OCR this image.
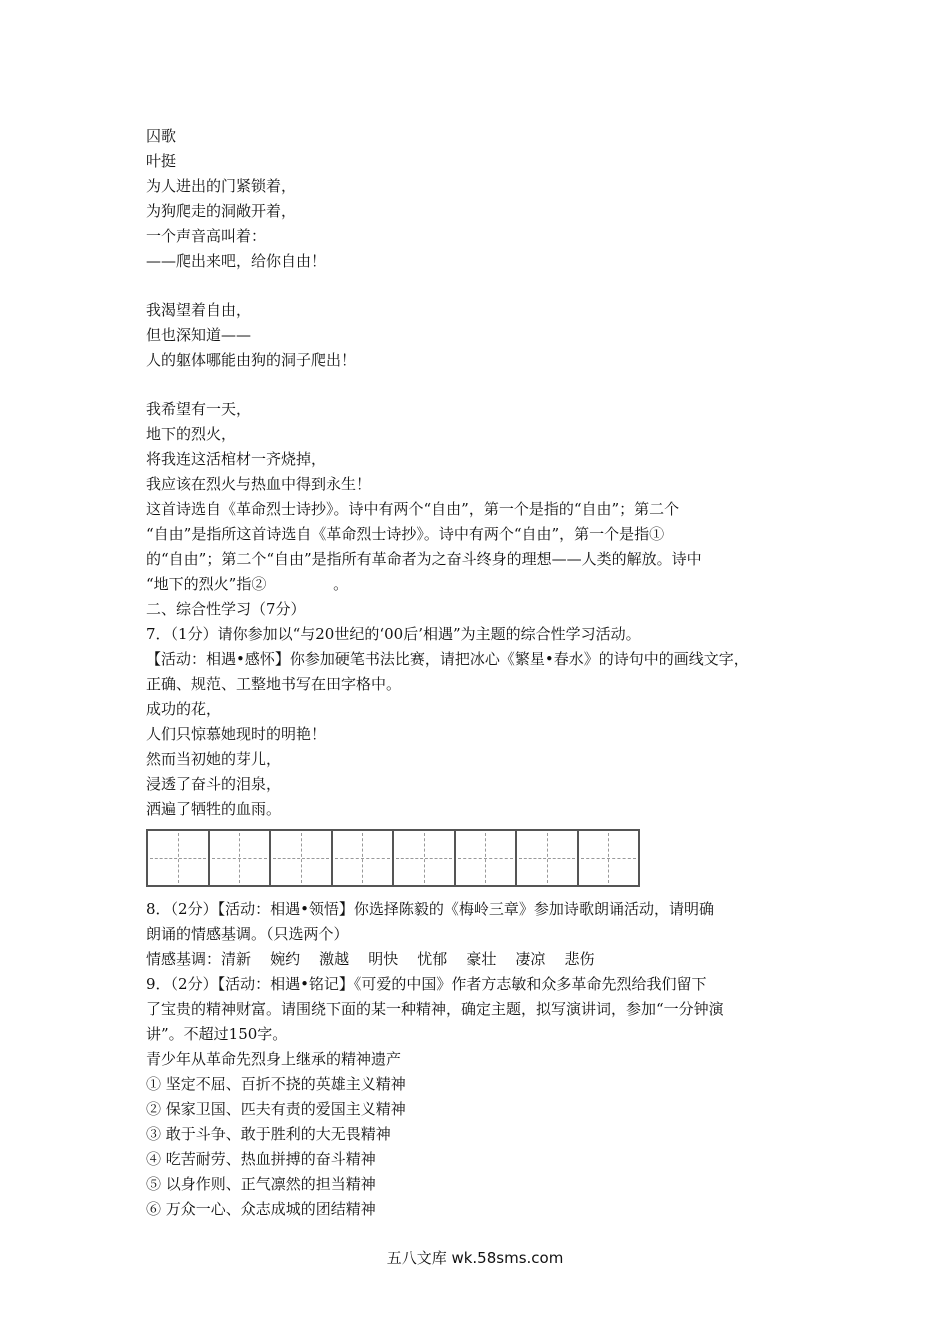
囚歌
叶挺
为人进出的门紧锁着，
为狗爬走的洞敞开着，
一个声音高叫着：
——爬出来吧，给你自由！
我渴望着自由，
但也深知道——
人的躯体哪能由狗的洞子爬出！
我希望有一天，
地下的烈火，
将我连这活棺材一齐烧掉，
我应该在烈火与热血中得到永生！
这首诗选自《革命烈士诗抄》。诗中有两个“自由”，第一个是指的“自由”；第二个
“自由”是指所这首诗选自《革命烈士诗抄》。诗中有两个“自由”，第一个是指①
的“自由”；第二个“自由”是指所有革命者为之奋斗终身的理想——人类的解放。诗中
“地下的烈火”指②              。
二、综合性学习（7分）
7．（1分）请你参加以“与20世纪的‘00后’相遇”为主题的综合性学习活动。
【活动：相遇•感怀】你参加硬笔书法比赛，请把冰心《繁星•春水》的诗句中的画线文字，
正确、规范、工整地书写在田字格中。
成功的花，
人们只惊慕她现时的明艳！
然而当初她的芽儿，
浸透了奋斗的泪泉，
洒遍了牺牲的血雨。
8．（2分）【活动：相遇•领悟】你选择陈毅的《梅岭三章》参加诗歌朗诵活动，请明确
朗诵的情感基调。（只选两个）
情感基调：清新    婉约    激越    明快    忧郁    豪壮    凄凉    悲伤
9．（2分）【活动：相遇•铭记】《可爱的中国》作者方志敏和众多革命先烈给我们留下
了宝贵的精神财富。请围绕下面的某一种精神，确定主题，拟写演讲词，参加“一分钟演
讲”。不超过150字。
青少年从革命先烈身上继承的精神遗产
① 坚定不屈、百折不挠的英雄主义精神
② 保家卫国、匹夫有责的爱国主义精神
③ 敢于斗争、敢于胜利的大无畏精神
④ 吃苦耐劳、热血拼搏的奋斗精神
⑤ 以身作则、正气凛然的担当精神
⑥ 万众一心、众志成城的团结精神
五八文库 wk.58sms.com
